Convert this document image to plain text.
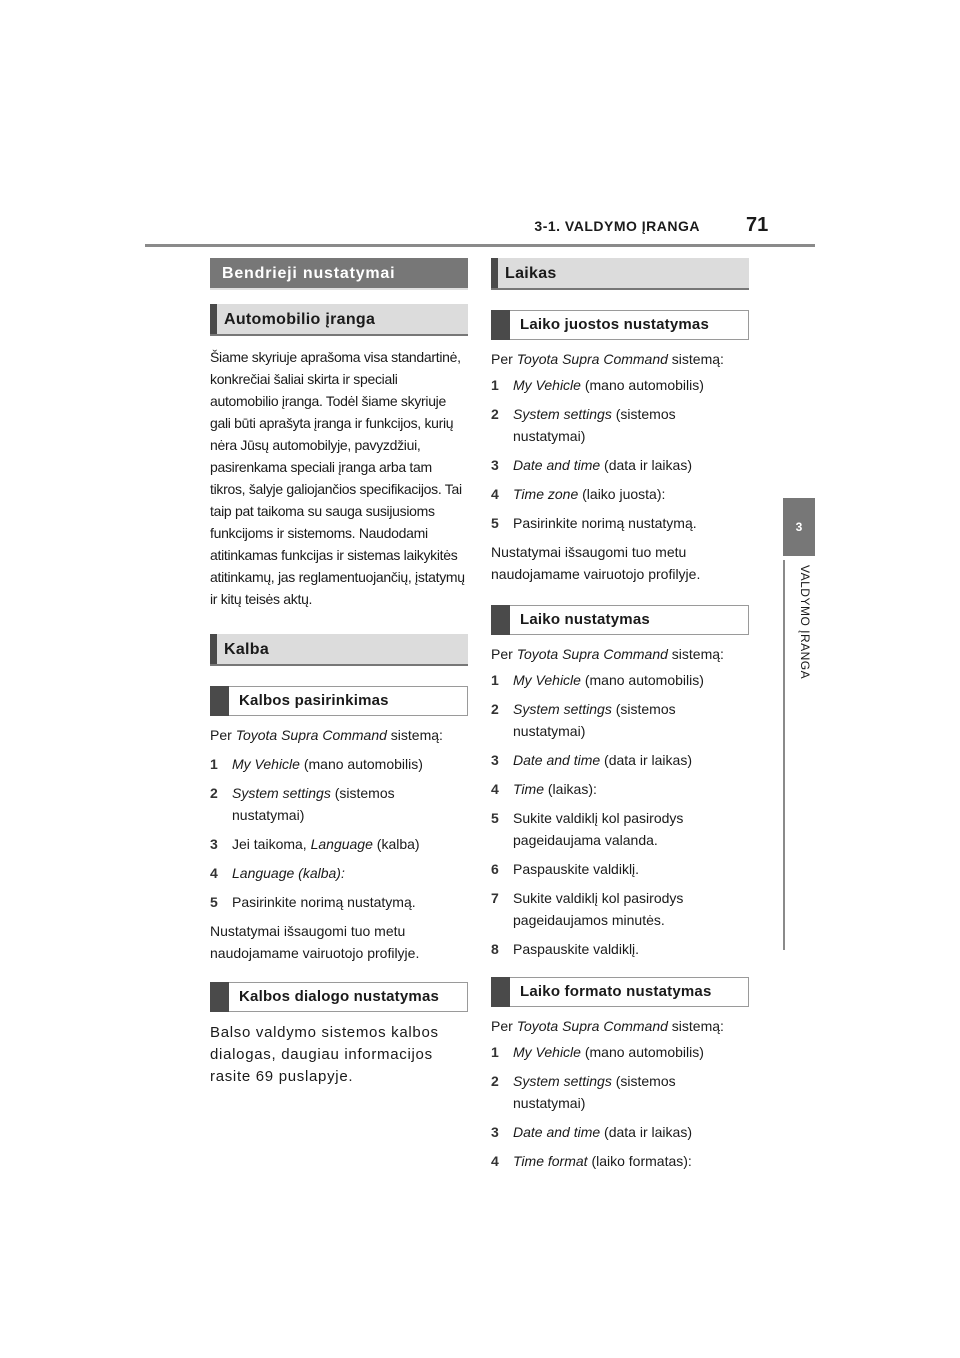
3-1. VALDYMO ĮRANGA 71
3
VALDYMO ĮRANGA
Bendrieji nustatymai
Automobilio įranga

Šiame skyriuje aprašoma visa standartinė, konkrečiai šaliai skirta ir speciali automobilio įranga. Todėl šiame skyriuje gali būti aprašyta įranga ir funkcijos, kurių nėra Jūsų automobilyje, pavyzdžiui, pasirenkama speciali įranga arba tam tikros, šalyje galiojančios specifikacijos. Tai taip pat taikoma su sauga susijusioms funkcijoms ir sistemoms. Naudodami atitinkamas funkcijas ir sistemas laikykitės atitinkamų, jas reglamentuojančių, įstatymų ir kitų teisės aktų.

Kalba
Kalbos pasirinkimas

Per Toyota Supra Command sistemą:

1 My Vehicle (mano automobilis)
2 System settings (sistemos nustatymai)
3 Jei taikoma, Language (kalba)
4 Language (kalba):
5 Pasirinkite norimą nustatymą.

Nustatymai išsaugomi tuo metu naudojamame vairuotojo profilyje.

Kalbos dialogo nustatymas

Balso valdymo sistemos kalbos dialogas, daugiau informacijos rasite 69 puslapyje.

Laikas
Laiko juostos nustatymas

Per Toyota Supra Command sistemą:

1 My Vehicle (mano automobilis)
2 System settings (sistemos nustatymai)
3 Date and time (data ir laikas)
4 Time zone (laiko juosta):
5 Pasirinkite norimą nustatymą.

Nustatymai išsaugomi tuo metu naudojamame vairuotojo profilyje.

Laiko nustatymas

Per Toyota Supra Command sistemą:

1 My Vehicle (mano automobilis)
2 System settings (sistemos nustatymai)
3 Date and time (data ir laikas)
4 Time (laikas):
5 Sukite valdiklį kol pasirodys pageidaujama valanda.
6 Paspauskite valdiklį.
7 Sukite valdiklį kol pasirodys pageidaujamos minutės.
8 Paspauskite valdiklį.
Laiko formato nustatymas

Per Toyota Supra Command sistemą:

1 My Vehicle (mano automobilis)
2 System settings (sistemos nustatymai)
3 Date and time (data ir laikas)
4 Time format (laiko formatas):
